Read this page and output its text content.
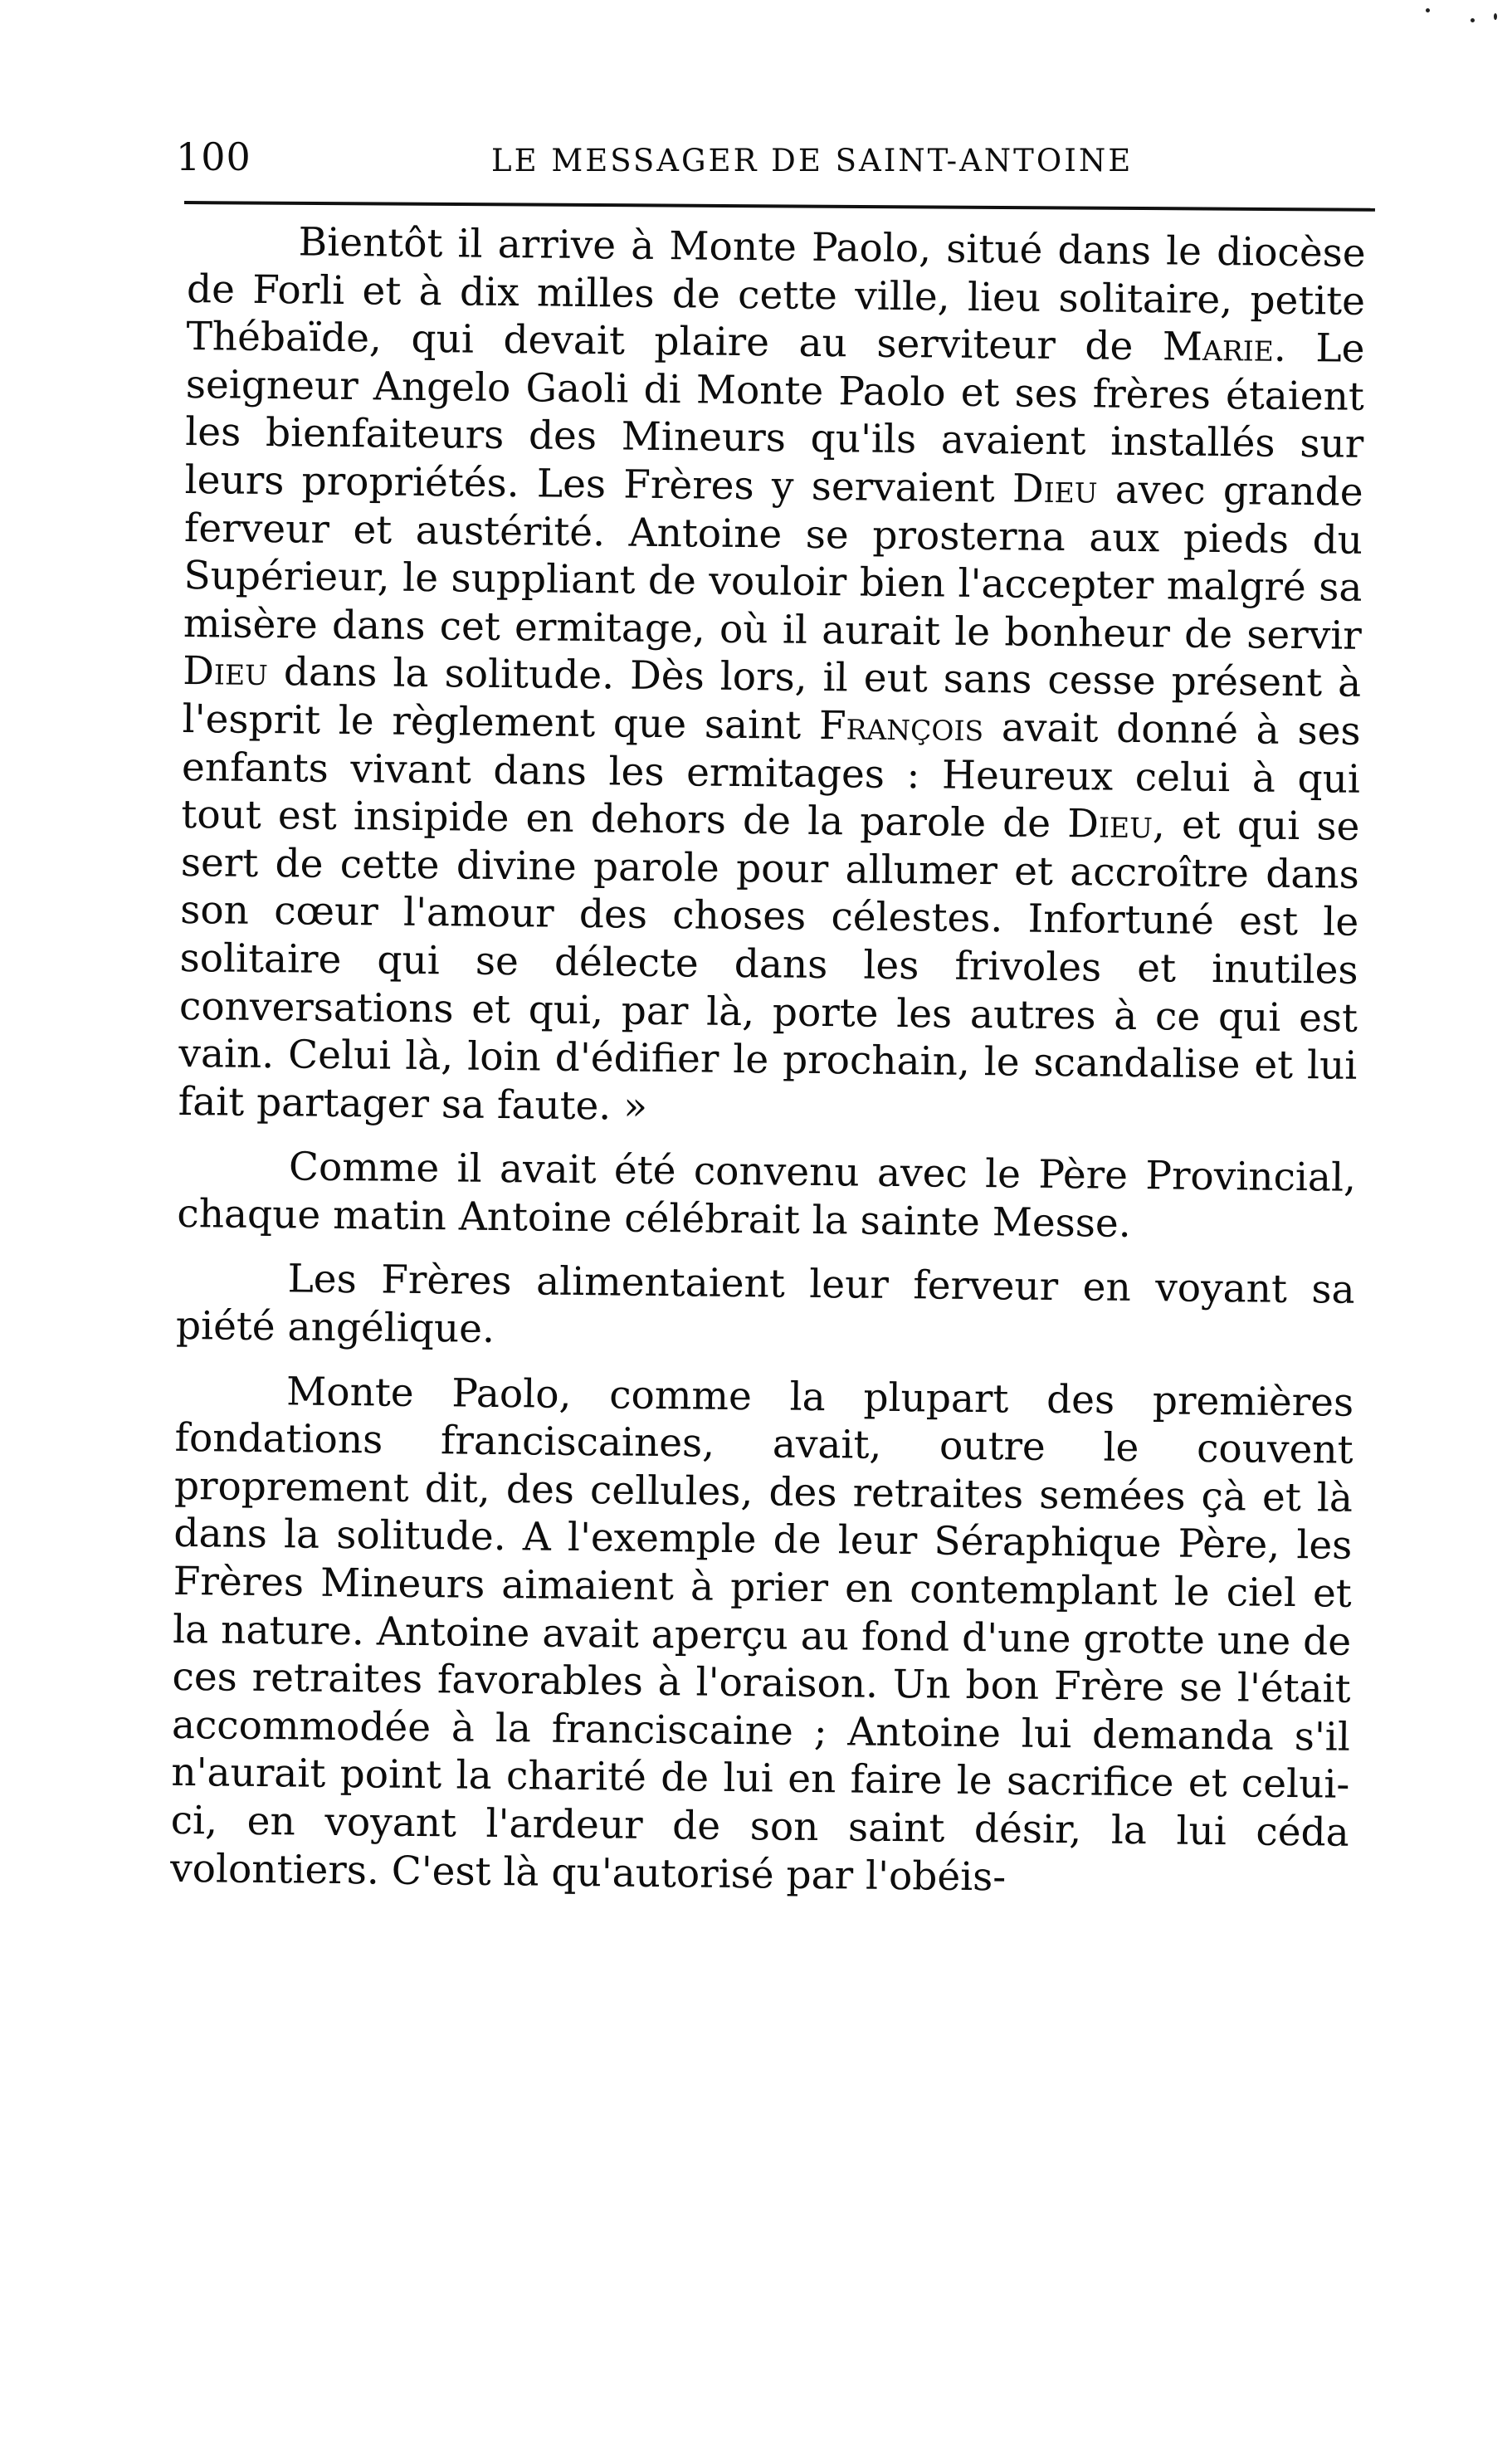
100	LE MESSAGER DE SAINT-ANTOINE

Bientôt il arrive à Monte Paolo, situé dans le diocèse de Forli et à dix milles de cette ville, lieu solitaire, petite Thébaïde, qui devait plaire au serviteur de Marie. Le seigneur Angelo Gaoli di Monte Paolo et ses frères étaient les bienfaiteurs des Mineurs qu'ils avaient installés sur leurs propriétés. Les Frères y servaient Dieu avec grande ferveur et austérité. Antoine se prosterna aux pieds du Supérieur, le suppliant de vouloir bien l'accepter malgré sa misère dans cet ermitage, où il aurait le bonheur de servir Dieu dans la solitude. Dès lors, il eut sans cesse présent à l'esprit le règlement que saint François avait donné à ses enfants vivant dans les ermitages : Heureux celui à qui tout est insipide en dehors de la parole de Dieu, et qui se sert de cette divine parole pour allumer et accroître dans son cœur l'amour des choses célestes. Infortuné est le solitaire qui se délecte dans les frivoles et inutiles conversations et qui, par là, porte les autres à ce qui est vain. Celui là, loin d'édifier le prochain, le scandalise et lui fait partager sa faute. »

Comme il avait été convenu avec le Père Provincial, chaque matin Antoine célébrait la sainte Messe.

Les Frères alimentaient leur ferveur en voyant sa piété angélique.

Monte Paolo, comme la plupart des premières fondations franciscaines, avait, outre le couvent proprement dit, des cellules, des retraites semées çà et là dans la solitude. A l'exemple de leur Séraphique Père, les Frères Mineurs aimaient à prier en contemplant le ciel et la nature. Antoine avait aperçu au fond d'une grotte une de ces retraites favorables à l'oraison. Un bon Frère se l'était accommodée à la franciscaine ; Antoine lui demanda s'il n'aurait point la charité de lui en faire le sacrifice et celui-ci, en voyant l'ardeur de son saint désir, la lui céda volontiers. C'est là qu'autorisé par l'obéis-
